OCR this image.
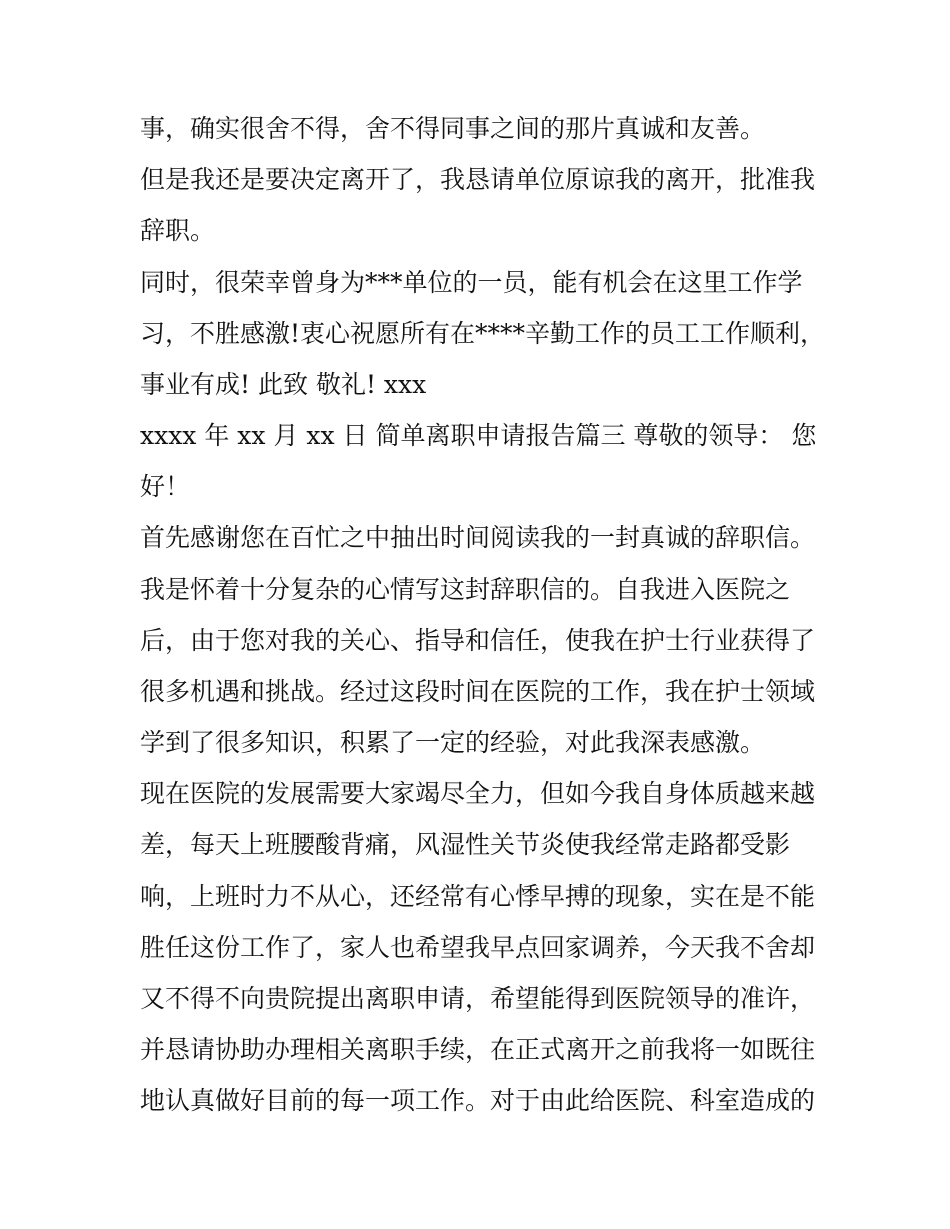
事，确实很舍不得，舍不得同事之间的那片真诚和友善。
但是我还是要决定离开了，我恳请单位原谅我的离开，批准我
辞职。
同时，很荣幸曾身为***单位的一员，能有机会在这里工作学
习，不胜感激!衷心祝愿所有在****辛勤工作的员工工作顺利，
事业有成! 此致 敬礼! xxx
xxxx 年 xx 月 xx 日 简单离职申请报告篇三 尊敬的领导： 您
好！
首先感谢您在百忙之中抽出时间阅读我的一封真诚的辞职信。
我是怀着十分复杂的心情写这封辞职信的。自我进入医院之
后，由于您对我的关心、指导和信任，使我在护士行业获得了
很多机遇和挑战。经过这段时间在医院的工作，我在护士领域
学到了很多知识，积累了一定的经验，对此我深表感激。
现在医院的发展需要大家竭尽全力，但如今我自身体质越来越
差，每天上班腰酸背痛，风湿性关节炎使我经常走路都受影
响，上班时力不从心，还经常有心悸早搏的现象，实在是不能
胜任这份工作了，家人也希望我早点回家调养，今天我不舍却
又不得不向贵院提出离职申请，希望能得到医院领导的准许，
并恳请协助办理相关离职手续，在正式离开之前我将一如既往
地认真做好目前的每一项工作。对于由此给医院、科室造成的
